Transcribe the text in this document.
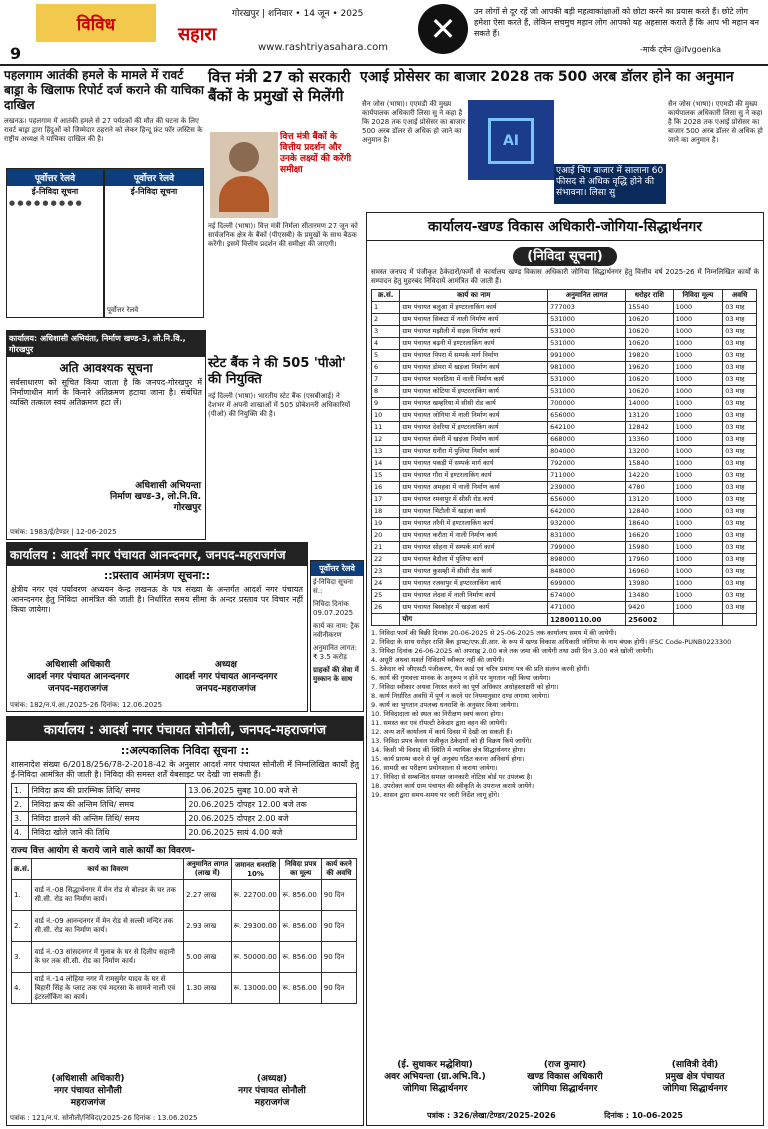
विविध
9
गोरखपुर | शनिवार • 14 जून • 2025
सहारा
www.rashtriyasahara.com	✕	उन लोगों से दूर रहें जो आपकी बड़ी महत्वाकांक्षाओं को छोटा करने का प्रयास करते हैं। छोटे लोग हमेशा ऐसा करते हैं, लेकिन सचमुच महान लोग आपको यह अहसास कराते हैं कि आप भी महान बन सकते हैं।
-मार्क ट्वेन @ifvgoenka
पहलगाम आतंकी हमले के मामले में रावर्ट बाड्रा के खिलाफ रिपोर्ट दर्ज कराने की याचिका दाखिल
लखनऊ। पहलगाम में आतंकी हमले से 27 पर्यटकों की मौत की घटना के लिए रावर्ट बाड्रा द्वारा हिंदुओं को जिम्मेदार ठहराने को लेकर हिन्दू फ्रंट फॉर जस्टिस के राष्ट्रीय अध्यक्ष ने याचिका दाखिल की है।
वित्त मंत्री 27 को सरकारी बैंकों के प्रमुखों से मिलेंगी
वित्त मंत्री बैंकों के वित्तीय प्रदर्शन और उनके लक्ष्यों की करेंगी समीक्षा
नई दिल्ली (भाषा)। वित्त मंत्री निर्मला सीतारमण 27 जून को सार्वजनिक क्षेत्र के बैंकों (पीएसबी) के प्रमुखों के साथ बैठक करेंगी। इसमें वित्तीय प्रदर्शन की समीक्षा की जाएगी।
एआई प्रोसेसर का बाजार 2028 तक 500 अरब डॉलर होने का अनुमान
सैन जोस (भाषा)। एएमडी की मुख्य कार्यपालक अधिकारी लिसा सु ने कहा है कि 2028 तक एआई प्रोसेसर का बाजार 500 अरब डॉलर से अधिक हो जाने का अनुमान है।	AI
एआई चिप बाजार में सालाना 60 फीसद से अधिक वृद्धि होने की संभावना। लिसा सु
सैन जोस (भाषा)। एएमडी की मुख्य कार्यपालक अधिकारी लिसा सु ने कहा है कि 2028 तक एआई प्रोसेसर का बाजार 500 अरब डॉलर से अधिक हो जाने का अनुमान है।
पूर्वोत्तर रेलवे
ई-निविदा सूचना
● ● ● ● ● ● ● ● ●
पूर्वोत्तर रेलवे
ई-निविदा सूचना
पूर्वोत्तर रेलवे
स्टेट बैंक ने की 505 'पीओ' की नियुक्ति
नई दिल्ली (भाषा)। भारतीय स्टेट बैंक (एसबीआई) ने देशभर में अपनी शाखाओं में 505 प्रोबेशनरी अधिकारियों (पीओ) की नियुक्ति की है।
कार्यालय: अधिशासी अभियंता, निर्माण खण्ड-3, लो.नि.वि., गोरखपुर
अति आवश्यक सूचना
सर्वसाधारण को सूचित किया जाता है कि जनपद-गोरखपुर में निर्माणाधीन मार्ग के किनारे अतिक्रमण हटाया जाना है। संबंधित व्यक्ति तत्काल स्वयं अतिक्रमण हटा लें।
अधिशासी अभियन्ता
निर्माण खण्ड-3, लो.नि.वि.
गोरखपुर
पत्रांक: 1983/ई/टेण्डर | 12-06-2025
कार्यालय : आदर्श नगर पंचायत आनन्दनगर, जनपद-महराजगंज
::प्रस्ताव आमंत्रण सूचना::
क्षेत्रीय नगर एवं पर्यावरण अध्ययन केन्द्र लखनऊ के पत्र संख्या के अन्तर्गत आदर्श नगर पंचायत आनन्दनगर हेतु निविदा आमंत्रित की जाती है। निर्धारित समय सीमा के अन्दर प्रस्ताव पर विचार नहीं किया जायेगा।
अधिशासी अधिकारी
आदर्श नगर पंचायत आनन्दनगर
जनपद-महराजगंज
अध्यक्ष
आदर्श नगर पंचायत आनन्दनगर
जनपद-महराजगंज
पत्रांक: 182/न.पं.आ./2025-26 दिनांक: 12.06.2025
पूर्वोत्तर रेलवे
ई-निविदा सूचना सं.:
निविदा दिनांक 09.07.2025
कार्य का नाम: ट्रैक नवीनीकरण
अनुमानित लागत: ₹ 3.5 करोड़
ग्राहकों की सेवा में मुस्कान के साथ
कार्यालय : आदर्श नगर पंचायत सोनौली, जनपद-महराजगंज
::अल्पकालिक निविदा सूचना ::
शासनादेश संख्या 6/2018/256/78-2-2018-42 के अनुसार आदर्श नगर पंचायत सोनौली में निम्नलिखित कार्यों हेतु ई-निविदा आमंत्रित की जाती है। निविदा की समस्त शर्तें वेबसाइट पर देखी जा सकती हैं।
1.	निविदा क्रय की प्रारम्भिक तिथि/ समय	13.06.2025 सुबह 10.00 बजे से
2.	निविदा क्रय की अन्तिम तिथि/ समय	20.06.2025 दोपहर 12.00 बजे तक
3.	निविदा डालने की अन्तिम तिथि/ समय	20.06.2025 दोपहर 2.00 बजे
4.	निविदा खोले जाने की तिथि	20.06.2025 सायं 4.00 बजे
राज्य वित्त आयोग से कराये जाने वाले कार्यों का विवरण-
क्र.सं.	कार्य का विवरण	अनुमानित लागत (लाख में)	जमानत धनराशि 10%	निविदा प्रपत्र का मूल्य	कार्य करने की अवधि
1.	वार्ड नं.-08 सिद्धार्थनगर में मेन रोड से बोल्डर के घर तक सी.सी. रोड का निर्माण कार्य।	2.27 लाख	रू. 22700.00	रू. 856.00	90 दिन
2.	वार्ड नं.-09 आनन्दनगर में मेन रोड से सल्ली मन्दिर तक सी.सी. रोड का निर्माण कार्य।	2.93 लाख	रू. 29300.00	रू. 856.00	90 दिन
3.	वार्ड नं.-03 सांसदनगर में गुलाब के घर से दिलीप सहानी के घर तक सी.सी. रोड का निर्माण कार्य।	5.00 लाख	रू. 50000.00	रू. 856.00	90 दिन
4.	वार्ड नं.-14 लोहिया नगर में रामसुमेर यादव के घर से बिहारी सिंह के प्लाट तक एवं मदरसा के सामने नाली एवं इंटरलॉकिंग का कार्य।	1.30 लाख	रू. 13000.00	रू. 856.00	90 दिन
(अधिशासी अधिकारी)
नगर पंचायत सोनौली
महराजगंज
(अध्यक्ष)
नगर पंचायत सोनौली
महराजगंज
पत्रांक : 121/न.पं. सोनौली/निविदा/2025-26 दिनांक : 13.06.2025
कार्यालय-खण्ड विकास अधिकारी-जोगिया-सिद्धार्थनगर
(निविदा सूचना)
समस्त जनपद में पंजीकृत ठेकेदारों/फर्मों से कार्यालय खण्ड विकास अधिकारी जोगिया सिद्धार्थनगर हेतु वित्तीय वर्ष 2025-26 में निम्नलिखित कार्यों के सम्पादन हेतु मुहरबंद निविदायें आमंत्रित की जाती हैं।
क्र.सं.	कार्य का नाम	अनुमानित लागत	धरोहर राशि	निविदा मूल्य	अवधि
1	ग्राम पंचायत बलुआ में इण्टरलाकिंग कार्य	777003	15540	1000	03 माह
2	ग्राम पंचायत सिकटा में नाली निर्माण कार्य	531000	10620	1000	03 माह
3	ग्राम पंचायत मझौली में सड़क निर्माण कार्य	531000	10620	1000	03 माह
4	ग्राम पंचायत बढ़नी में इण्टरलाकिंग कार्य	531000	10620	1000	03 माह
5	ग्राम पंचायत पिपरा में सम्पर्क मार्ग निर्माण	991000	19820	1000	03 माह
6	ग्राम पंचायत डोमरा में खड़ंजा निर्माण कार्य	981000	19620	1000	03 माह
7	ग्राम पंचायत भरवठिया में नाली निर्माण कार्य	531000	10620	1000	03 माह
8	ग्राम पंचायत कोटिया में इण्टरलाकिंग कार्य	531000	10620	1000	03 माह
9	ग्राम पंचायत खम्हरिया में सीसी रोड कार्य	700000	14000	1000	03 माह
10	ग्राम पंचायत जोगिया में नाली निर्माण कार्य	656000	13120	1000	03 माह
11	ग्राम पंचायत देवरिया में इण्टरलाकिंग कार्य	642100	12842	1000	03 माह
12	ग्राम पंचायत सेमरी में खड़ंजा निर्माण कार्य	668000	13360	1000	03 माह
13	ग्राम पंचायत धनौरा में पुलिया निर्माण कार्य	804000	13200	1000	03 माह
14	ग्राम पंचायत पकड़ी में सम्पर्क मार्ग कार्य	792000	15840	1000	03 माह
15	ग्राम पंचायत गौरा में इण्टरलाकिंग कार्य	711000	14220	1000	03 माह
16	ग्राम पंचायत अमहवा में नाली निर्माण कार्य	239000	4780	1000	03 माह
17	ग्राम पंचायत रमवापुर में सीसी रोड कार्य	656000	13120	1000	03 माह
18	ग्राम पंचायत भिटौली में खड़ंजा कार्य	642000	12840	1000	03 माह
19	ग्राम पंचायत तरैनी में इण्टरलाकिंग कार्य	932000	18640	1000	03 माह
20	ग्राम पंचायत करौता में नाली निर्माण कार्य	831000	16620	1000	03 माह
21	ग्राम पंचायत सोहना में सम्पर्क मार्ग कार्य	799000	15980	1000	03 माह
22	ग्राम पंचायत बैदौला में पुलिया कार्य	898000	17960	1000	03 माह
23	ग्राम पंचायत कुसम्ही में सीसी रोड कार्य	848000	16960	1000	03 माह
24	ग्राम पंचायत रजवापुर में इण्टरलाकिंग कार्य	699000	13980	1000	03 माह
25	ग्राम पंचायत लेदवा में नाली निर्माण कार्य	674000	13480	1000	03 माह
26	ग्राम पंचायत बिस्कोहर में खड़ंजा कार्य	471000	9420	1000	03 माह
	योग	12800110.00	256002		
1. निविदा फार्म की बिक्री दिनांक 20-06-2025 से 25-06-2025 तक कार्यालय समय में की जायेगी।
2. निविदा के साथ धरोहर राशि बैंक ड्राफ्ट/एफ.डी.आर. के रूप में खण्ड विकास अधिकारी जोगिया के नाम बंधक होगी। IFSC Code-PUNB0223300
3. निविदा दिनांक 26-06-2025 को अपराह्न 2.00 बजे तक जमा की जायेगी तथा उसी दिन 3.00 बजे खोली जायेगी।
4. अधूरी अथवा सशर्त निविदायें स्वीकार नहीं की जायेंगी।
5. ठेकेदार को जीएसटी पंजीकरण, पैन कार्ड एवं चरित्र प्रमाण पत्र की प्रति संलग्न करनी होगी।
6. कार्य की गुणवत्ता मानक के अनुरूप न होने पर भुगतान नहीं किया जायेगा।
7. निविदा स्वीकार अथवा निरस्त करने का पूर्ण अधिकार अधोहस्ताक्षरी को होगा।
8. कार्य निर्धारित अवधि में पूर्ण न करने पर नियमानुसार दण्ड लगाया जायेगा।
9. कार्य का भुगतान उपलब्ध धनराशि के अनुसार किया जायेगा।
10. निविदादाता को स्थल का निरीक्षण स्वयं करना होगा।
11. समस्त कर एवं रॉयल्टी ठेकेदार द्वारा वहन की जायेगी।
12. अन्य शर्तें कार्यालय में कार्य दिवस में देखी जा सकती हैं।
13. निविदा प्रपत्र केवल पंजीकृत ठेकेदारों को ही विक्रय किये जायेंगे।
14. किसी भी विवाद की स्थिति में न्यायिक क्षेत्र सिद्धार्थनगर होगा।
15. कार्य प्रारम्भ करने से पूर्व अनुबंध गठित करना अनिवार्य होगा।
16. सामग्री का परीक्षण प्रयोगशाला से कराया जायेगा।
17. निविदा से सम्बन्धित समस्त जानकारी नोटिस बोर्ड पर उपलब्ध है।
18. उपरोक्त कार्य ग्राम पंचायत की स्वीकृति के उपरान्त कराये जायेंगे।
19. शासन द्वारा समय-समय पर जारी निर्देश लागू होंगे।
(ई. सुधाकर मद्धेशिया)
अवर अभियन्ता (ग्रा.अभि.वि.)
जोगिया सिद्धार्थनगर
(राज कुमार)
खण्ड विकास अधिकारी
जोगिया सिद्धार्थनगर
(सावित्री देवी)
प्रमुख क्षेत्र पंचायत
जोगिया सिद्धार्थनगर
पत्रांक : 326/लेखा/टेण्डर/2025-2026	दिनांक : 10-06-2025
